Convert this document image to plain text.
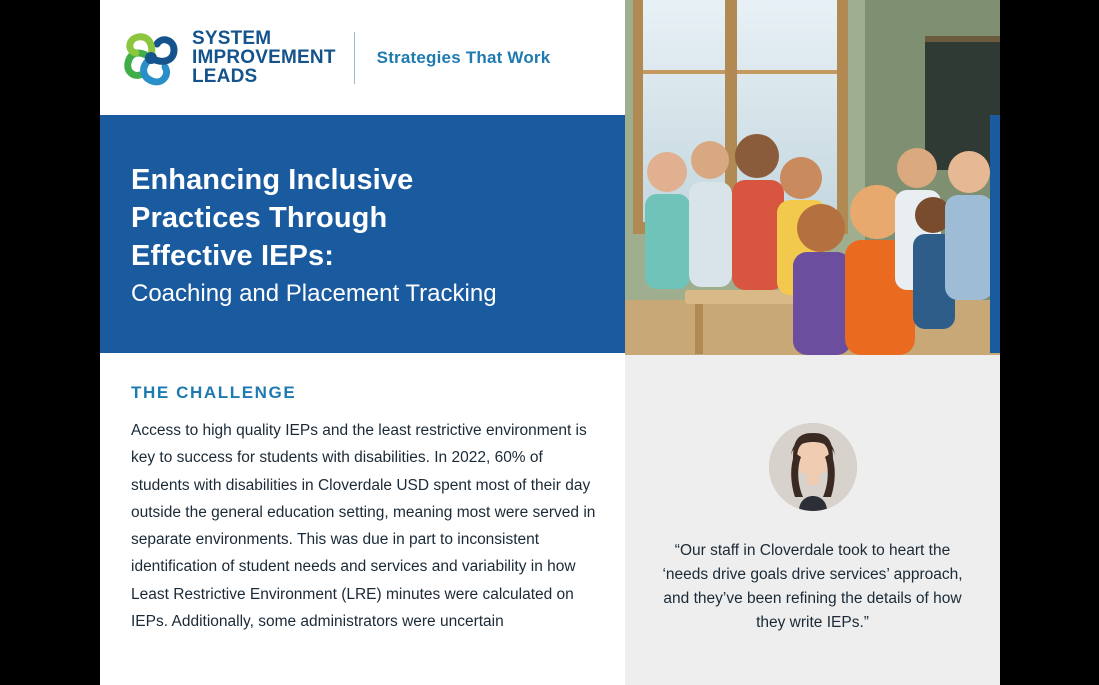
SYSTEM
IMPROVEMENT
LEADS
Strategies That Work
Enhancing Inclusive
Practices Through
Effective IEPs:
Coaching and Placement Tracking
THE CHALLENGE
Access to high quality IEPs and the least restrictive environment is key to success for students with disabilities. In 2022, 60% of students with disabilities in Cloverdale USD spent most of their day outside the general education setting, meaning most were served in separate environments. This was due in part to inconsistent identification of student needs and services and variability in how Least Restrictive Environment (LRE) minutes were calculated on IEPs. Additionally, some administrators were uncertain
“Our staff in Cloverdale took to heart the ‘needs drive goals drive services’ approach, and they’ve been refining the details of how they write IEPs.”
